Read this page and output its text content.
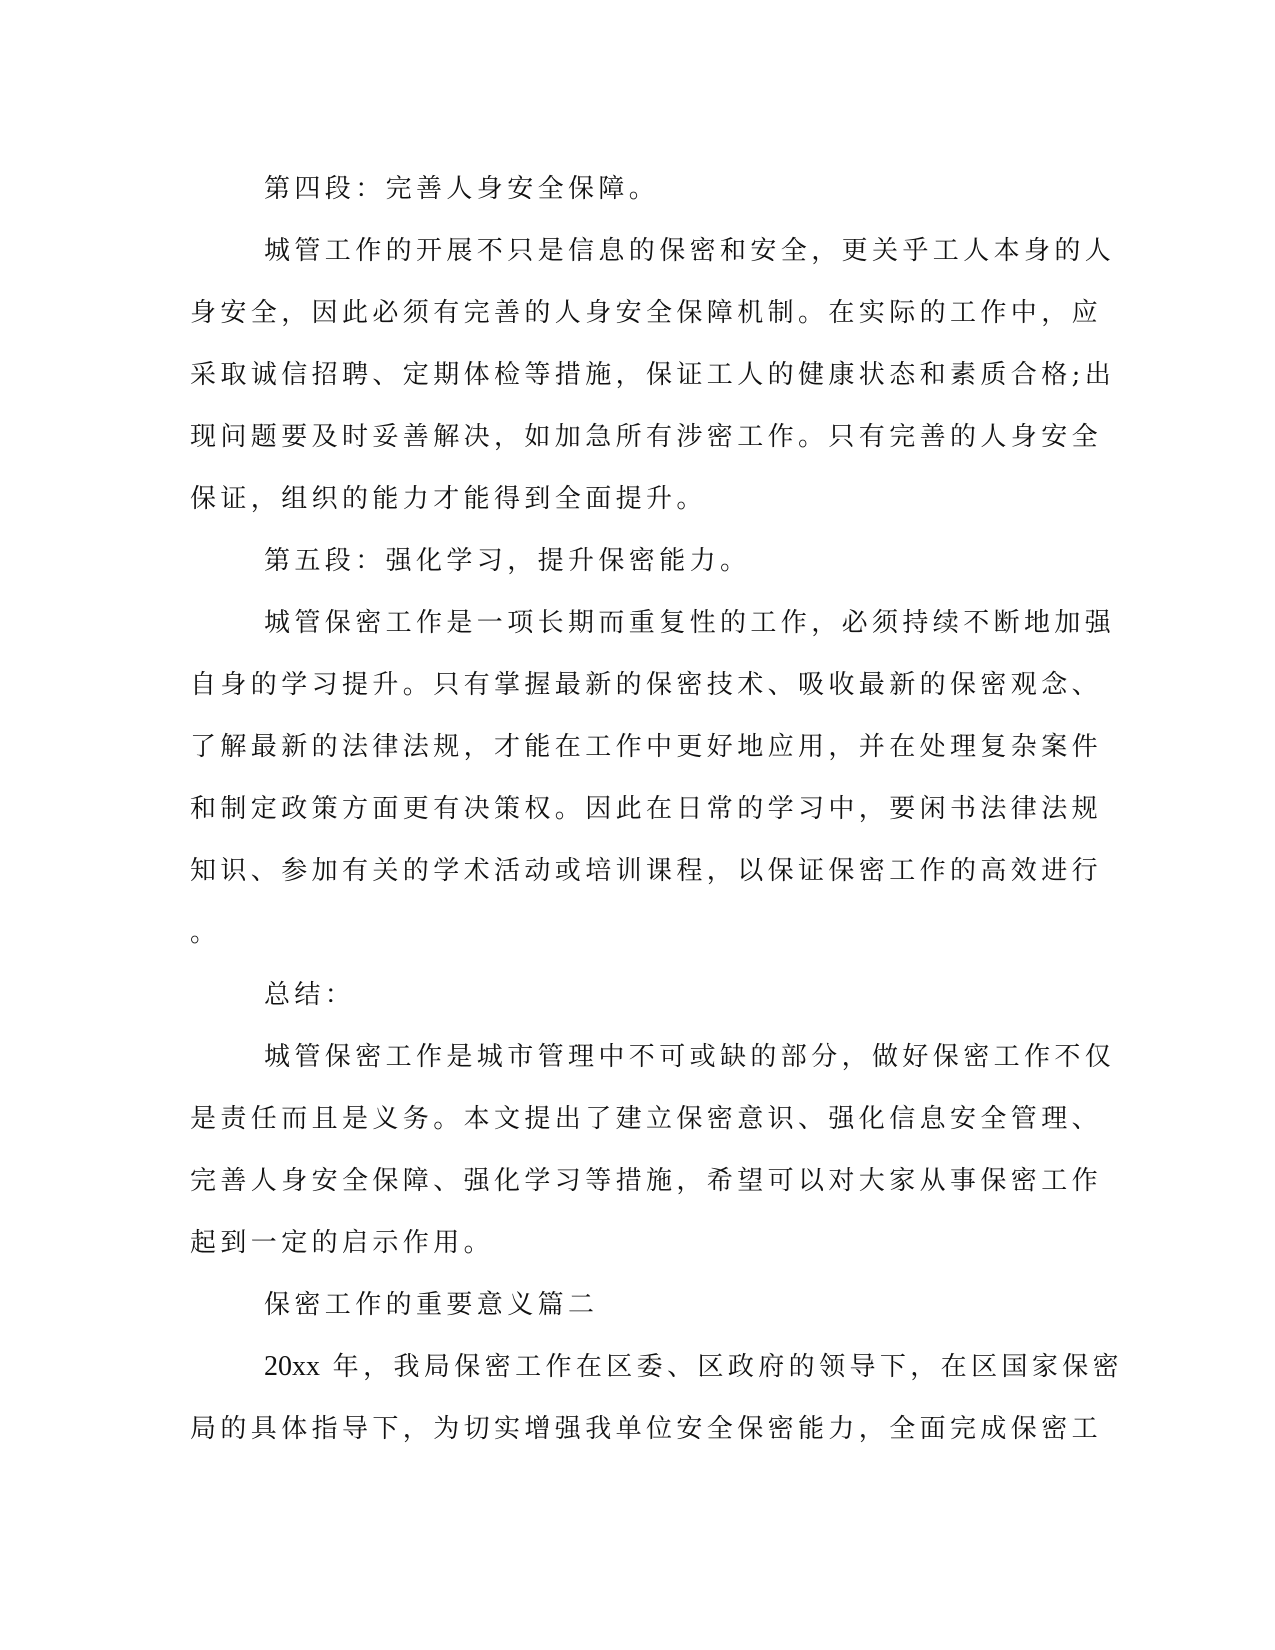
第四段：完善人身安全保障。
城管工作的开展不只是信息的保密和安全，更关乎工人本身的人
身安全，因此必须有完善的人身安全保障机制。在实际的工作中，应
采取诚信招聘、定期体检等措施，保证工人的健康状态和素质合格;出
现问题要及时妥善解决，如加急所有涉密工作。只有完善的人身安全
保证，组织的能力才能得到全面提升。
第五段：强化学习，提升保密能力。
城管保密工作是一项长期而重复性的工作，必须持续不断地加强
自身的学习提升。只有掌握最新的保密技术、吸收最新的保密观念、
了解最新的法律法规，才能在工作中更好地应用，并在处理复杂案件
和制定政策方面更有决策权。因此在日常的学习中，要闲书法律法规
知识、参加有关的学术活动或培训课程，以保证保密工作的高效进行
。
总结：
城管保密工作是城市管理中不可或缺的部分，做好保密工作不仅
是责任而且是义务。本文提出了建立保密意识、强化信息安全管理、
完善人身安全保障、强化学习等措施，希望可以对大家从事保密工作
起到一定的启示作用。
保密工作的重要意义篇二
20xx 年，我局保密工作在区委、区政府的领导下，在区国家保密
局的具体指导下，为切实增强我单位安全保密能力，全面完成保密工
